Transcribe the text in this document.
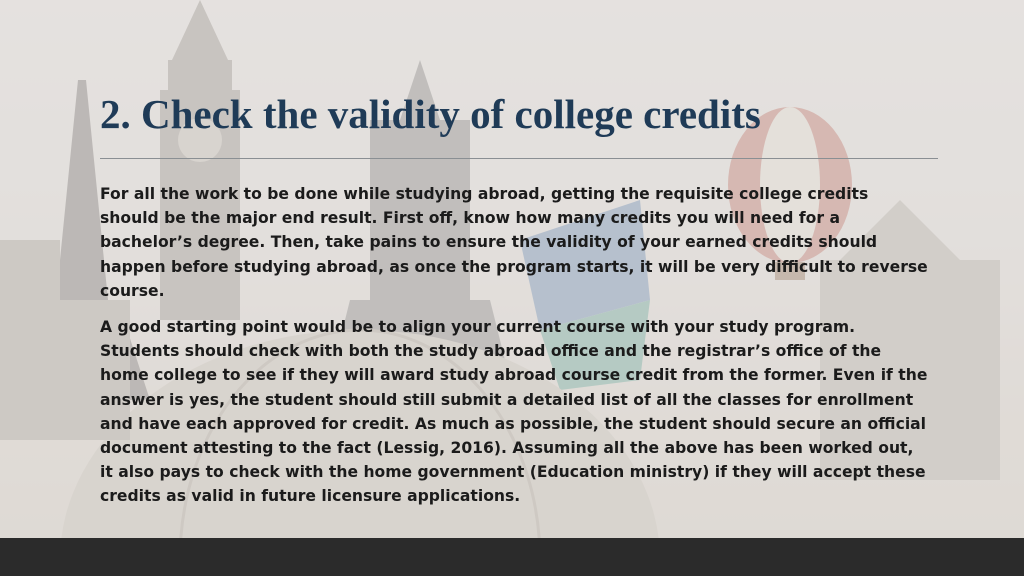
2. Check the validity of college credits

For all the work to be done while studying abroad, getting the requisite college credits should be the major end result. First off, know how many credits you will need for a bachelor’s degree. Then, take pains to ensure the validity of your earned credits should happen before studying abroad, as once the program starts, it will be very difficult to reverse course.

A good starting point would be to align your current course with your study program. Students should check with both the study abroad office and the registrar’s office of the home college to see if they will award study abroad course credit from the former. Even if the answer is yes, the student should still submit a detailed list of all the classes for enrollment and have each approved for credit. As much as possible, the student should secure an official document attesting to the fact (Lessig, 2016). Assuming all the above has been worked out, it also pays to check with the home government (Education ministry) if they will accept these credits as valid in future licensure applications.
